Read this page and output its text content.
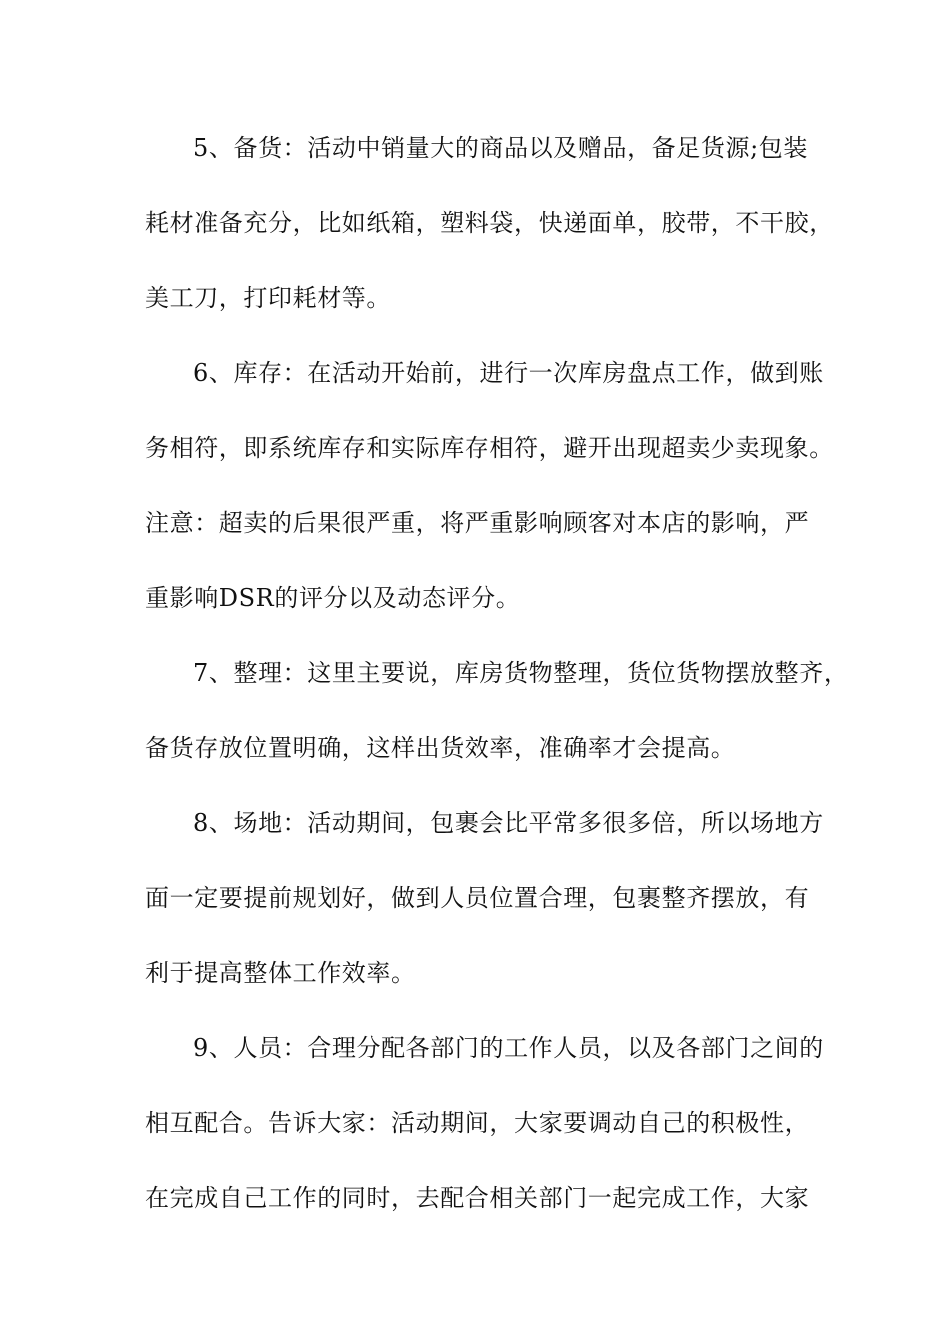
5、备货：活动中销量大的商品以及赠品，备足货源;包装
耗材准备充分，比如纸箱，塑料袋，快递面单，胶带，不干胶，
美工刀，打印耗材等。
6、库存：在活动开始前，进行一次库房盘点工作，做到账
务相符，即系统库存和实际库存相符，避开出现超卖少卖现象。
注意：超卖的后果很严重，将严重影响顾客对本店的影响，严
重影响DSR的评分以及动态评分。
7、整理：这里主要说，库房货物整理，货位货物摆放整齐，
备货存放位置明确，这样出货效率，准确率才会提高。
8、场地：活动期间，包裹会比平常多很多倍，所以场地方
面一定要提前规划好，做到人员位置合理，包裹整齐摆放，有
利于提高整体工作效率。
9、人员：合理分配各部门的工作人员，以及各部门之间的
相互配合。告诉大家：活动期间，大家要调动自己的积极性，
在完成自己工作的同时，去配合相关部门一起完成工作，大家
